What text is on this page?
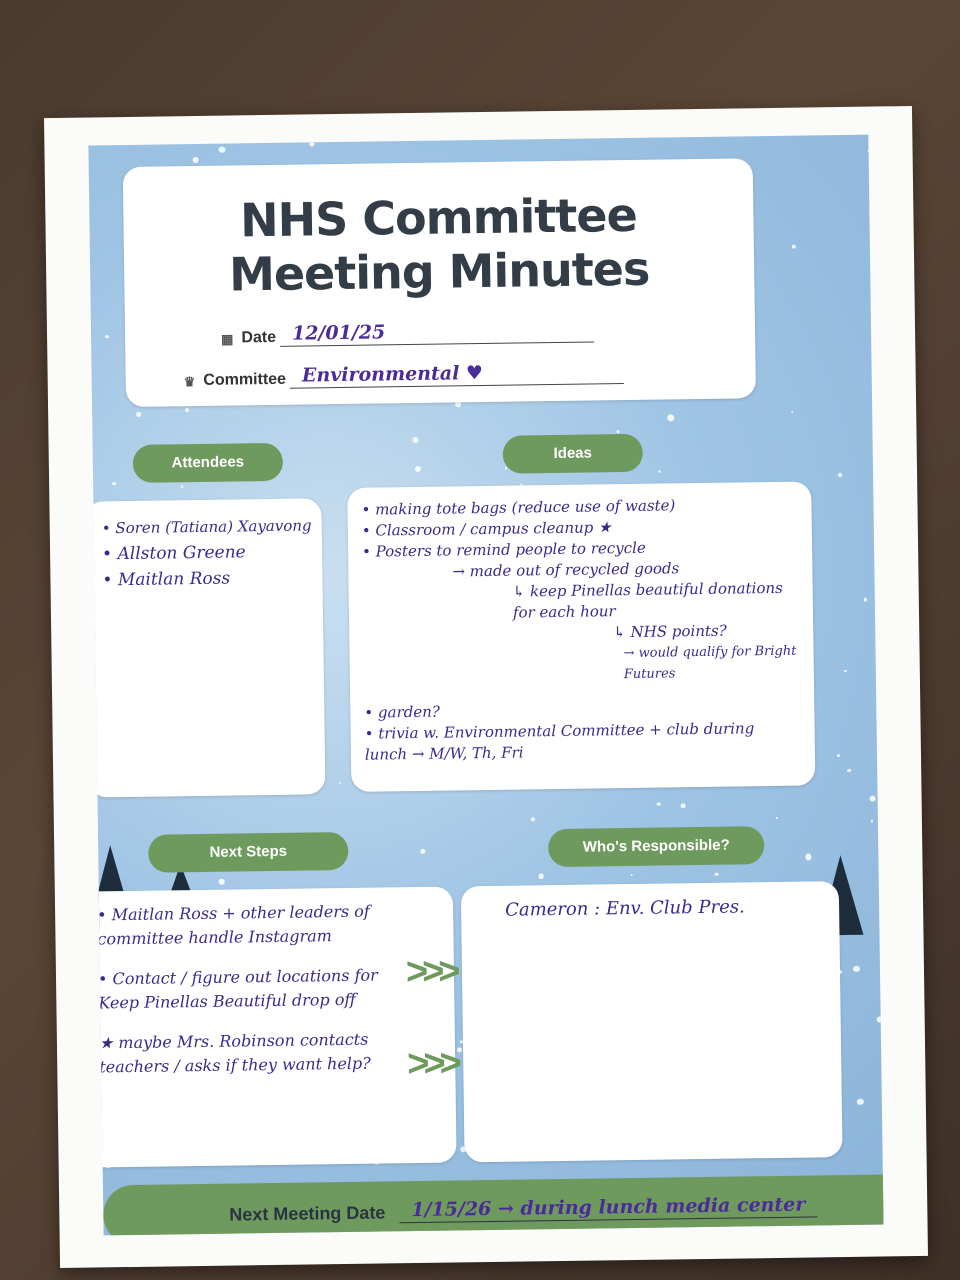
NHS Committee
Meeting Minutes
▦ Date 12/01/25
♛ Committee Environmental ♥
Attendees
Ideas
• Soren (Tatiana) Xayavong
• Allston Greene
• Maitlan Ross
• making tote bags (reduce use of waste)
• Classroom / campus cleanup ★
• Posters to remind people to recycle
→ made out of recycled goods
↳ keep Pinellas beautiful donations for each hour
↳ NHS points?
→ would qualify for Bright Futures
• garden?
• trivia w. Environmental Committee + club during lunch → M/W, Th, Fri
Next Steps	Who's Responsible?
• Maitlan Ross + other leaders of committee handle Instagram
• Contact / figure out locations for Keep Pinellas Beautiful drop off
★ maybe Mrs. Robinson contacts teachers / asks if they want help?
>>>
>>>
Cameron : Env. Club Pres.
Next Meeting Date	1/15/26 → during lunch media center
